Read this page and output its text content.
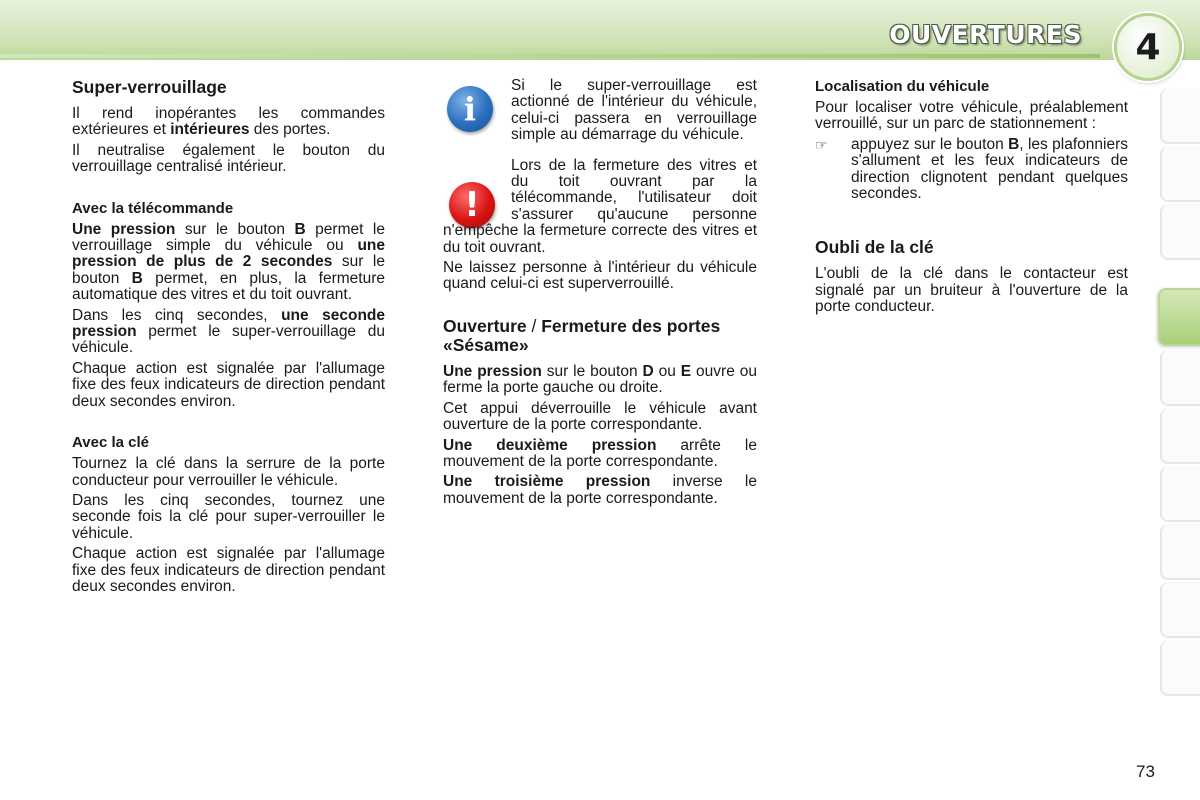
OUVERTURES	4
Super-verrouillage

Il rend inopérantes les commandes extérieures et intérieures des portes.

Il neutralise également le bouton du verrouillage centralisé intérieur.

Avec la télécommande

Une pression sur le bouton B permet le verrouillage simple du véhicule ou une pression de plus de 2 secondes sur le bouton B permet, en plus, la fermeture automatique des vitres et du toit ouvrant.

Dans les cinq secondes, une seconde pression permet le super-verrouillage du véhicule.

Chaque action est signalée par l'allumage fixe des feux indicateurs de direction pendant deux secondes environ.

Avec la clé

Tournez la clé dans la serrure de la porte conducteur pour verrouiller le véhicule.

Dans les cinq secondes, tournez une seconde fois la clé pour super-verrouiller le véhicule.

Chaque action est signalée par l'allumage fixe des feux indicateurs de direction pendant deux secondes environ.

i
!

Si le super-verrouillage est actionné de l'intérieur du véhicule, celui-ci passera en verrouillage simple au démarrage du véhicule.

Lors de la fermeture des vitres et du toit ouvrant par la télécommande, l'utilisateur doit s'assurer qu'aucune personne n'empêche la fermeture correcte des vitres et du toit ouvrant.

Ne laissez personne à l'intérieur du véhicule quand celui-ci est superverrouillé.

Ouverture / Fermeture des portes «Sésame»

Une pression sur le bouton D ou E ouvre ou ferme la porte gauche ou droite.

Cet appui déverrouille le véhicule avant ouverture de la porte correspondante.

Une deuxième pression arrête le mouvement de la porte correspondante.

Une troisième pression inverse le mouvement de la porte correspondante.

Localisation du véhicule

Pour localiser votre véhicule, préalablement verrouillé, sur un parc de stationnement :

☞	appuyez sur le bouton B, les plafonniers s'allument et les feux indicateurs de direction clignotent pendant quelques secondes.
Oubli de la clé

L'oubli de la clé dans le contacteur est signalé par un bruiteur à l'ouverture de la porte conducteur.

73
